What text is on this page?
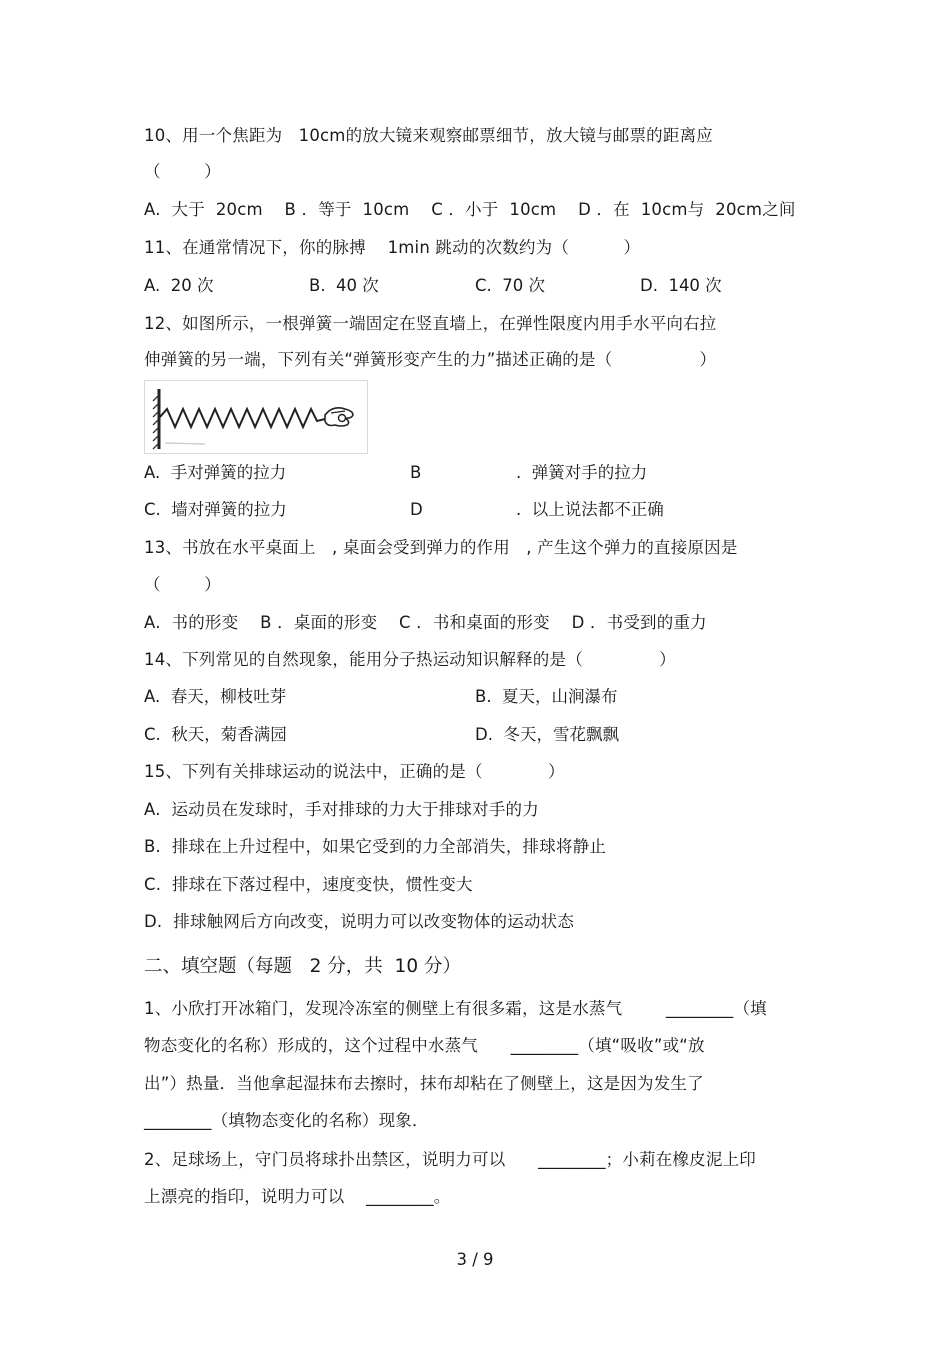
10、用一个焦距为   10cm的放大镜来观察邮票细节，放大镜与邮票的距离应
（        ）
A.  大于  20cm    B ．等于  10cm    C ．小于  10cm    D ．在  10cm与  20cm之间
11、在通常情况下，你的脉搏    1min 跳动的次数约为（          ）
A.  20 次	B.  40 次	C.  70 次	D.  140 次
12、如图所示，一根弹簧一端固定在竖直墙上，在弹性限度内用手水平向右拉
伸弹簧的另一端，下列有关“弹簧形变产生的力”描述正确的是（                ）
A.  手对弹簧的拉力	B	.  弹簧对手的拉力
C.  墙对弹簧的拉力	D	.  以上说法都不正确
13、书放在水平桌面上   , 桌面会受到弹力的作用   , 产生这个弹力的直接原因是
（        ）
A.  书的形变    B ．桌面的形变    C ．书和桌面的形变    D ．书受到的重力
14、下列常见的自然现象，能用分子热运动知识解释的是（              ）
A.  春天，柳枝吐芽	B.  夏天，山涧瀑布
C.  秋天，菊香满园	D.  冬天，雪花飘飘
15、下列有关排球运动的说法中，正确的是（            ）
A.  运动员在发球时，手对排球的力大于排球对手的力
B.  排球在上升过程中，如果它受到的力全部消失，排球将静止
C.  排球在下落过程中，速度变快，惯性变大
D.  排球触网后方向改变，说明力可以改变物体的运动状态
二、填空题（每题   2 分，共  10 分）
1、小欣打开冰箱门，发现冷冻室的侧壁上有很多霜，这是水蒸气        ________（填
物态变化的名称）形成的，这个过程中水蒸气      ________（填“吸收”或“放
出”）热量．当他拿起湿抹布去擦时，抹布却粘在了侧壁上，这是因为发生了
________（填物态变化的名称）现象．
2、足球场上，守门员将球扑出禁区，说明力可以      ________；小莉在橡皮泥上印
上漂亮的指印，说明力可以    ________。
3 / 9
